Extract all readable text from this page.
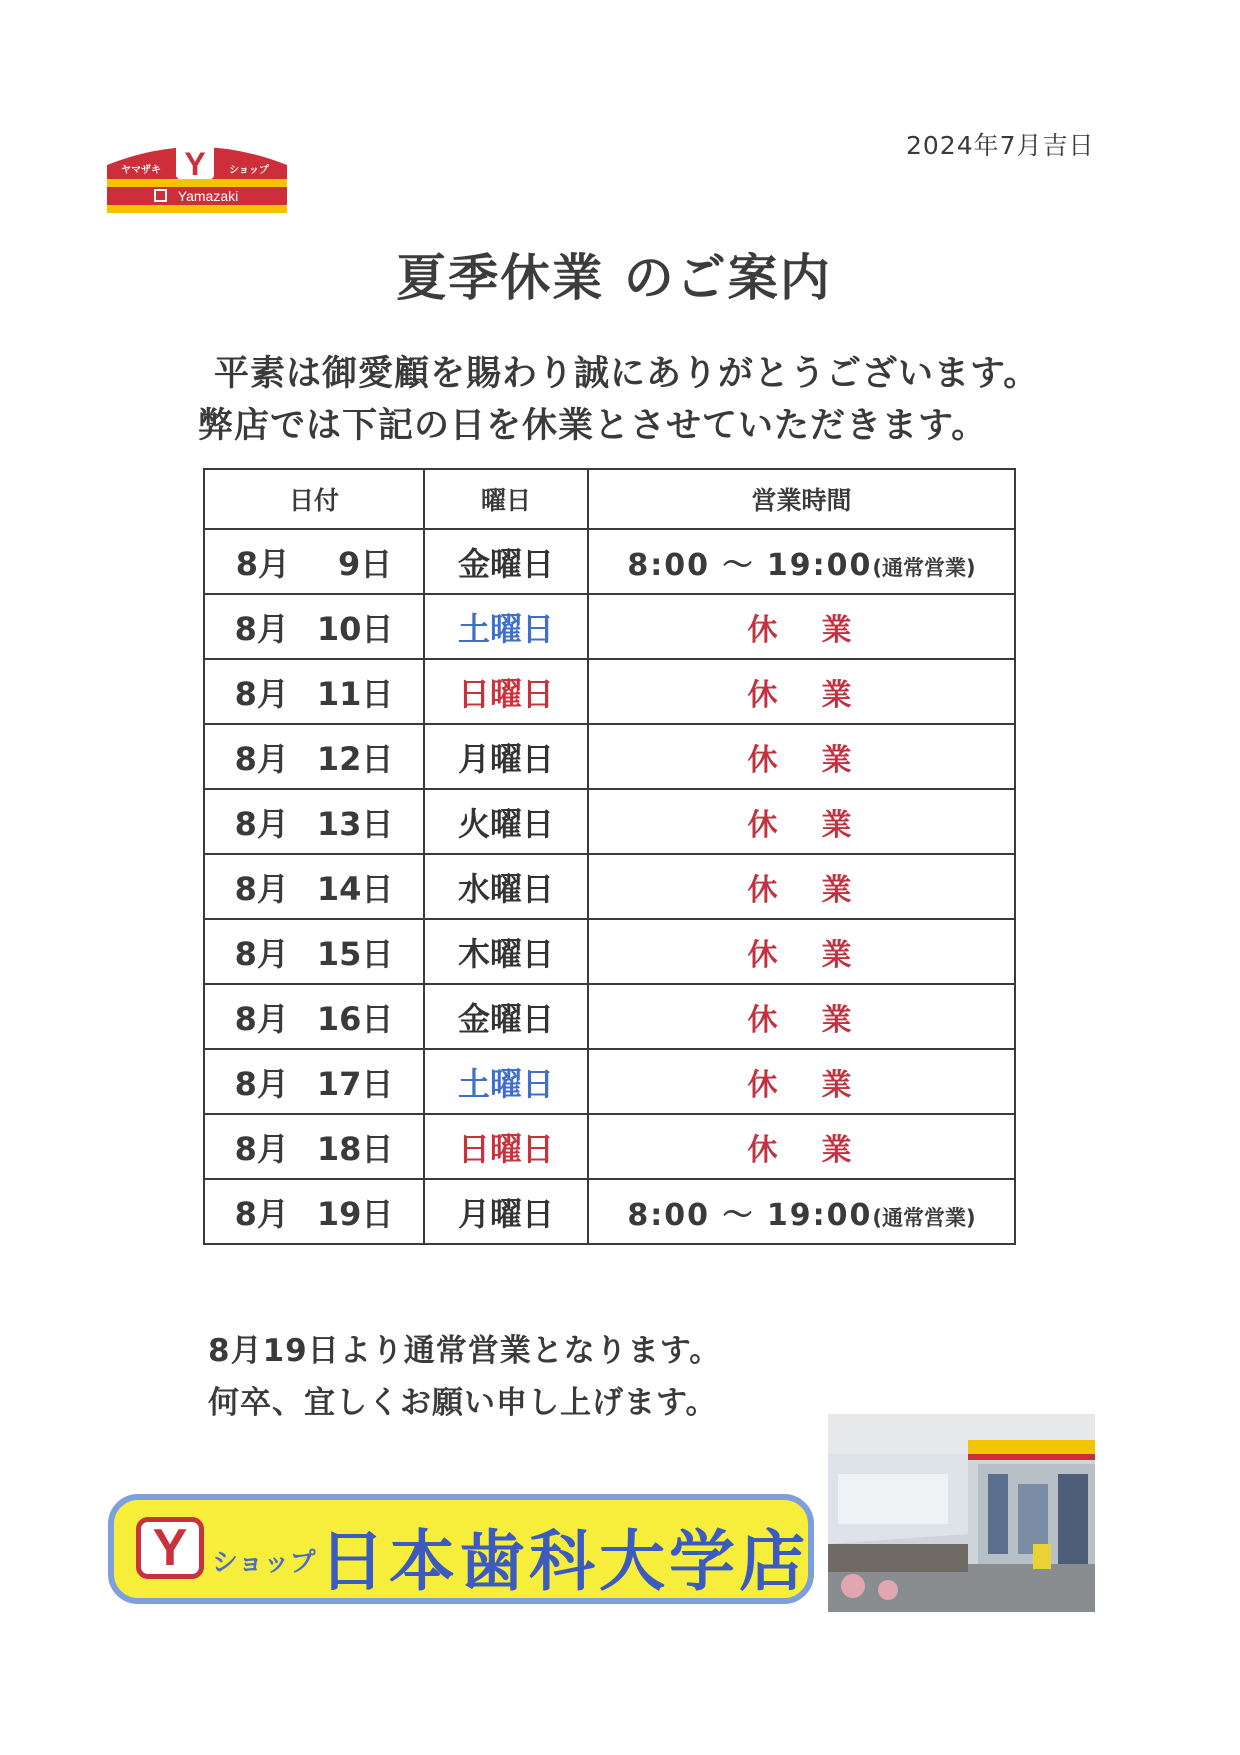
2024年7月吉日
Y
ヤマザキ	ショップ
Yamazaki
夏季休業 のご案内
平素は御愛顧を賜わり誠にありがとうございます。
弊店では下記の日を休業とさせていただきます。
日付	曜日	営業時間
8月 9日	金曜日	8:00 ～ 19:00(通常営業)
8月 10日	土曜日	休業
8月 11日	日曜日	休業
8月 12日	月曜日	休業
8月 13日	火曜日	休業
8月 14日	水曜日	休業
8月 15日	木曜日	休業
8月 16日	金曜日	休業
8月 17日	土曜日	休業
8月 18日	日曜日	休業
8月 19日	月曜日	8:00 ～ 19:00(通常営業)
8月19日より通常営業となります。
何卒、宜しくお願い申し上げます。
Y ショップ 日本歯科大学店
